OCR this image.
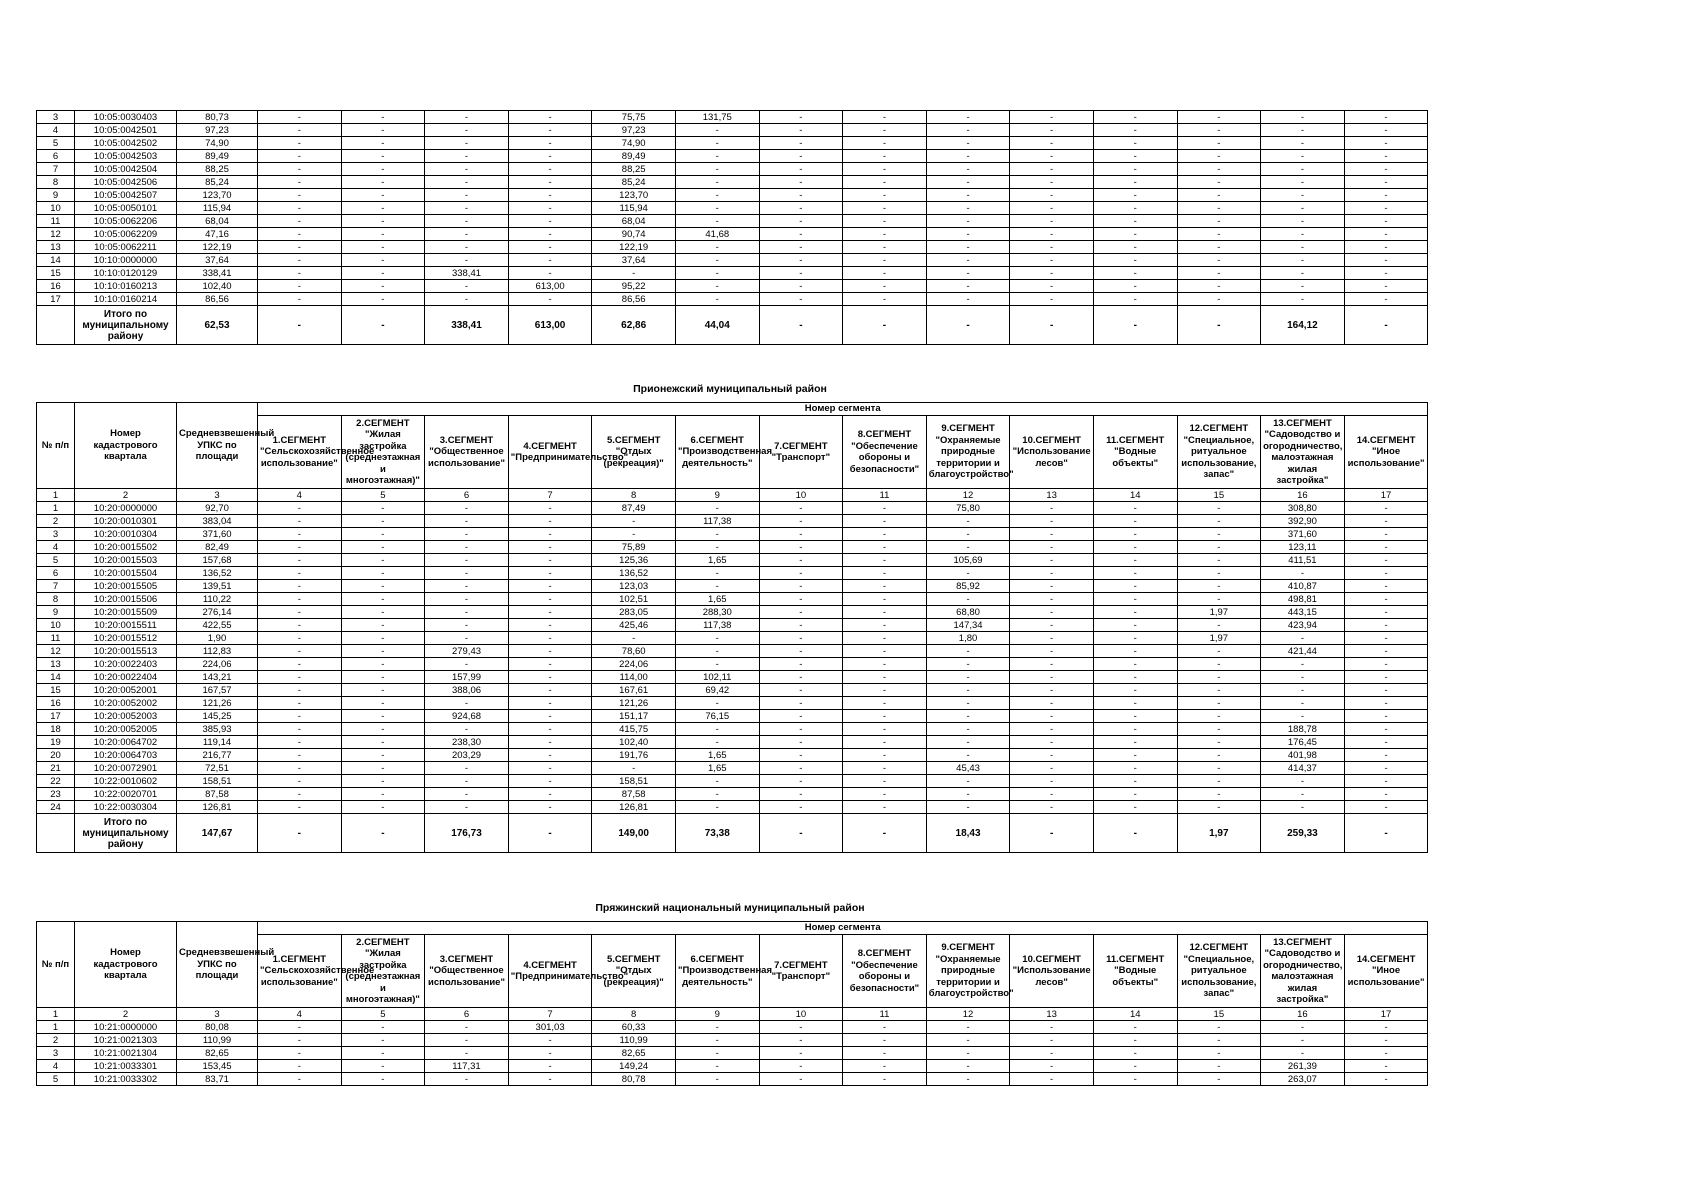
3	10:05:0030403	80,73	-	-	-	-	75,75	131,75	-	-	-	-	-	-	-	-
4	10:05:0042501	97,23	-	-	-	-	97,23	-	-	-	-	-	-	-	-	-
5	10:05:0042502	74,90	-	-	-	-	74,90	-	-	-	-	-	-	-	-	-
6	10:05:0042503	89,49	-	-	-	-	89,49	-	-	-	-	-	-	-	-	-
7	10:05:0042504	88,25	-	-	-	-	88,25	-	-	-	-	-	-	-	-	-
8	10:05:0042506	85,24	-	-	-	-	85,24	-	-	-	-	-	-	-	-	-
9	10:05:0042507	123,70	-	-	-	-	123,70	-	-	-	-	-	-	-	-	-
10	10:05:0050101	115,94	-	-	-	-	115,94	-	-	-	-	-	-	-	-	-
11	10:05:0062206	68,04	-	-	-	-	68,04	-	-	-	-	-	-	-	-	-
12	10:05:0062209	47,16	-	-	-	-	90,74	41,68	-	-	-	-	-	-	-	-
13	10:05:0062211	122,19	-	-	-	-	122,19	-	-	-	-	-	-	-	-	-
14	10:10:0000000	37,64	-	-	-	-	37,64	-	-	-	-	-	-	-	-	-
15	10:10:0120129	338,41	-	-	338,41	-	-	-	-	-	-	-	-	-	-	-
16	10:10:0160213	102,40	-	-	-	613,00	95,22	-	-	-	-	-	-	-	-	-
17	10:10:0160214	86,56	-	-	-	-	86,56	-	-	-	-	-	-	-	-	-
	Итого по муниципальному району	62,53	-	-	338,41	613,00	62,86	44,04	-	-	-	-	-	-	164,12	-
Прионежский муниципальный район
№ п/п	Номер кадастрового квартала	Средневзвешенный УПКС по площади	Номер сегмента													
			1.СЕГМЕНТ "Сельскохозяйственное использование"	2.СЕГМЕНТ "Жилая застройка (среднеэтажная и многоэтажная)"	3.СЕГМЕНТ "Общественное использование"	4.СЕГМЕНТ "Предпринимательство"	5.СЕГМЕНТ "Отдых (рекреация)"	6.СЕГМЕНТ "Производственная деятельность"	7.СЕГМЕНТ "Транспорт"	8.СЕГМЕНТ "Обеспечение обороны и безопасности"	9.СЕГМЕНТ "Охраняемые природные территории и благоустройство"	10.СЕГМЕНТ "Использование лесов"	11.СЕГМЕНТ "Водные объекты"	12.СЕГМЕНТ "Специальное, ритуальное использование, запас"	13.СЕГМЕНТ "Садоводство и огородничество, малоэтажная жилая застройка"	14.СЕГМЕНТ "Иное использование"
1	2	3	4	5	6	7	8	9	10	11	12	13	14	15	16	17
1	10:20:0000000	92,70	-	-	-	-	87,49	-	-	-	75,80	-	-	-	308,80	-
2	10:20:0010301	383,04	-	-	-	-	-	117,38	-	-	-	-	-	-	392,90	-
3	10:20:0010304	371,60	-	-	-	-	-	-	-	-	-	-	-	-	371,60	-
4	10:20:0015502	82,49	-	-	-	-	75,89	-	-	-	-	-	-	-	123,11	-
5	10:20:0015503	157,68	-	-	-	-	125,36	1,65	-	-	105,69	-	-	-	411,51	-
6	10:20:0015504	136,52	-	-	-	-	136,52	-	-	-	-	-	-	-	-	-
7	10:20:0015505	139,51	-	-	-	-	123,03	-	-	-	85,92	-	-	-	410,87	-
8	10:20:0015506	110,22	-	-	-	-	102,51	1,65	-	-	-	-	-	-	498,81	-
9	10:20:0015509	276,14	-	-	-	-	283,05	288,30	-	-	68,80	-	-	1,97	443,15	-
10	10:20:0015511	422,55	-	-	-	-	425,46	117,38	-	-	147,34	-	-	-	423,94	-
11	10:20:0015512	1,90	-	-	-	-	-	-	-	-	1,80	-	-	1,97	-	-
12	10:20:0015513	112,83	-	-	279,43	-	78,60	-	-	-	-	-	-	-	421,44	-
13	10:20:0022403	224,06	-	-	-	-	224,06	-	-	-	-	-	-	-	-	-
14	10:20:0022404	143,21	-	-	157,99	-	114,00	102,11	-	-	-	-	-	-	-	-
15	10:20:0052001	167,57	-	-	388,06	-	167,61	69,42	-	-	-	-	-	-	-	-
16	10:20:0052002	121,26	-	-	-	-	121,26	-	-	-	-	-	-	-	-	-
17	10:20:0052003	145,25	-	-	924,68	-	151,17	76,15	-	-	-	-	-	-	-	-
18	10:20:0052005	385,93	-	-	-	-	415,75	-	-	-	-	-	-	-	188,78	-
19	10:20:0064702	119,14	-	-	238,30	-	102,40	-	-	-	-	-	-	-	176,45	-
20	10:20:0064703	216,77	-	-	203,29	-	191,76	1,65	-	-	-	-	-	-	401,98	-
21	10:20:0072901	72,51	-	-	-	-	-	1,65	-	-	45,43	-	-	-	414,37	-
22	10:22:0010602	158,51	-	-	-	-	158,51	-	-	-	-	-	-	-	-	-
23	10:22:0020701	87,58	-	-	-	-	87,58	-	-	-	-	-	-	-	-	-
24	10:22:0030304	126,81	-	-	-	-	126,81	-	-	-	-	-	-	-	-	-
	Итого по муниципальному району	147,67	-	-	176,73	-	149,00	73,38	-	-	18,43	-	-	1,97	259,33	-
Пряжинский национальный муниципальный район
№ п/п	Номер кадастрового квартала	Средневзвешенный УПКС по площади	Номер сегмента													
			1.СЕГМЕНТ "Сельскохозяйственное использование"	2.СЕГМЕНТ "Жилая застройка (среднеэтажная и многоэтажная)"	3.СЕГМЕНТ "Общественное использование"	4.СЕГМЕНТ "Предпринимательство"	5.СЕГМЕНТ "Отдых (рекреация)"	6.СЕГМЕНТ "Производственная деятельность"	7.СЕГМЕНТ "Транспорт"	8.СЕГМЕНТ "Обеспечение обороны и безопасности"	9.СЕГМЕНТ "Охраняемые природные территории и благоустройство"	10.СЕГМЕНТ "Использование лесов"	11.СЕГМЕНТ "Водные объекты"	12.СЕГМЕНТ "Специальное, ритуальное использование, запас"	13.СЕГМЕНТ "Садоводство и огородничество, малоэтажная жилая застройка"	14.СЕГМЕНТ "Иное использование"
1	2	3	4	5	6	7	8	9	10	11	12	13	14	15	16	17
1	10:21:0000000	80,08	-	-	-	301,03	60,33	-	-	-	-	-	-	-	-	-
2	10:21:0021303	110,99	-	-	-	-	110,99	-	-	-	-	-	-	-	-	-
3	10:21:0021304	82,65	-	-	-	-	82,65	-	-	-	-	-	-	-	-	-
4	10:21:0033301	153,45	-	-	117,31	-	149,24	-	-	-	-	-	-	-	261,39	-
5	10:21:0033302	83,71	-	-	-	-	80,78	-	-	-	-	-	-	-	263,07	-
